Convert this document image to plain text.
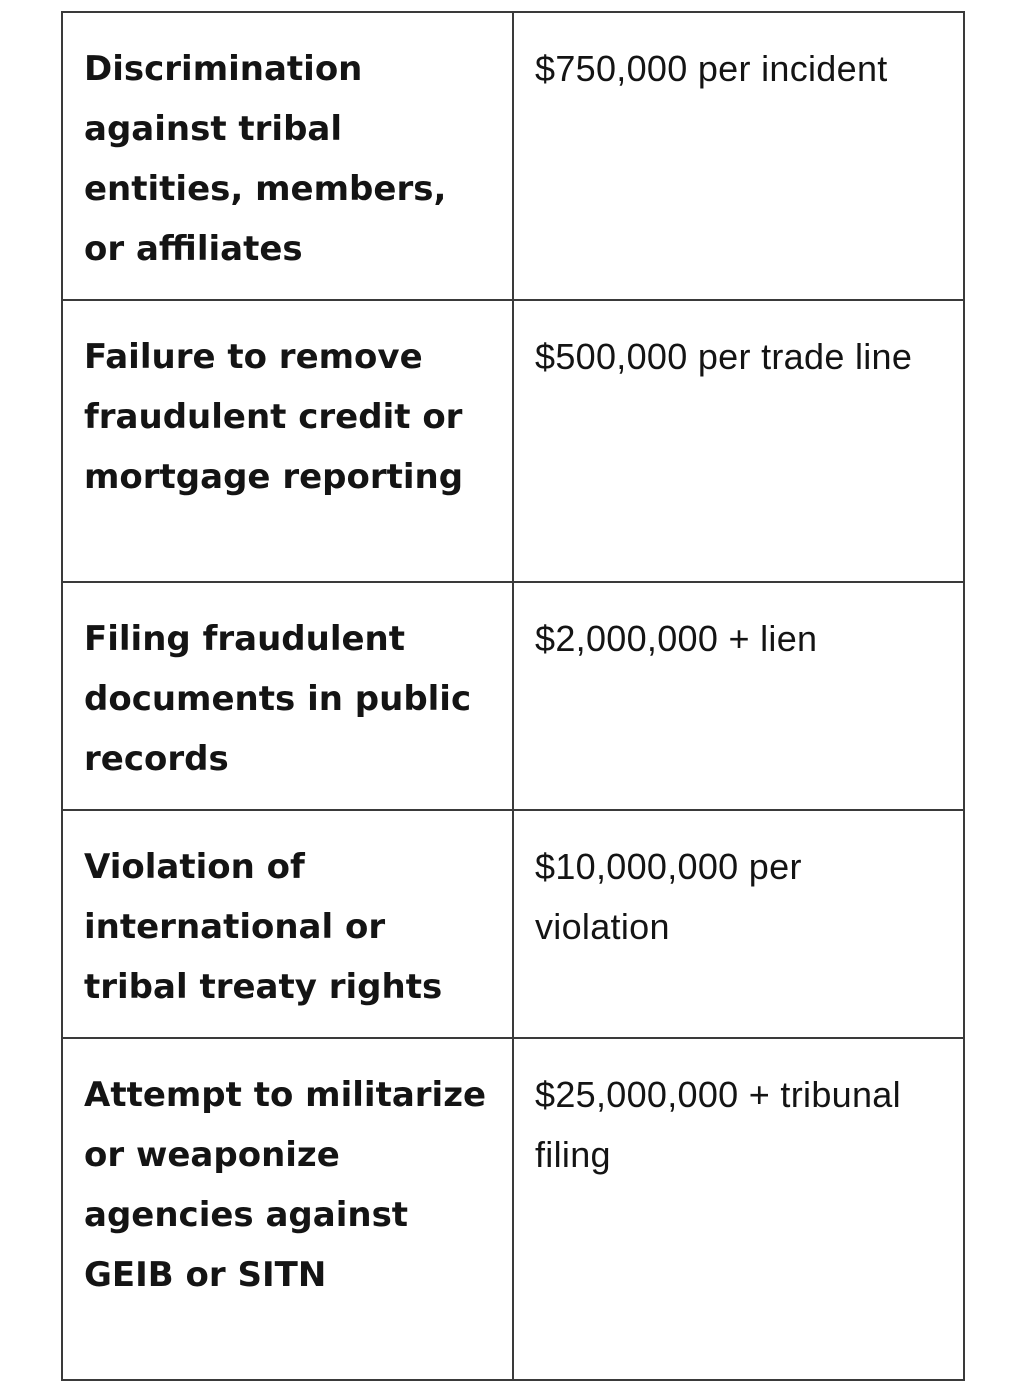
Discrimination against tribal entities, members, or affiliates	$750,000 per incident
Failure to remove fraudulent credit or mortgage reporting	$500,000 per trade line
Filing fraudulent documents in public records	$2,000,000 + lien
Violation of international or tribal treaty rights	$10,000,000 per violation
Attempt to militarize or weaponize agencies against GEIB or SITN	$25,000,000 + tribunal filing
